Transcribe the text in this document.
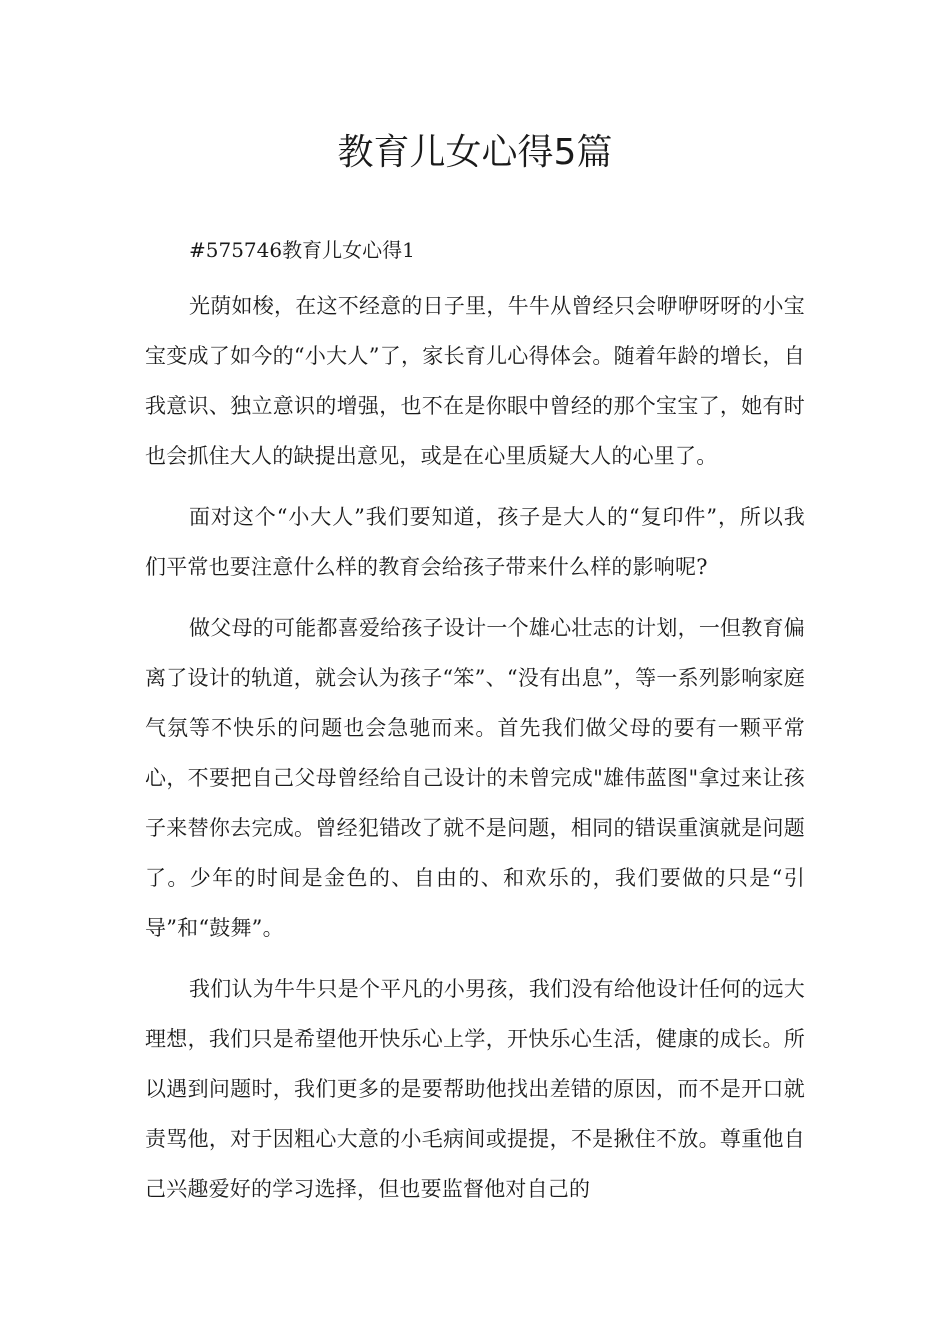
教育儿女心得5篇

#575746教育儿女心得1

光荫如梭，在这不经意的日子里，牛牛从曾经只会咿咿呀呀的小宝宝变成了如今的“小大人”了，家长育儿心得体会。随着年龄的增长，自我意识、独立意识的增强，也不在是你眼中曾经的那个宝宝了，她有时也会抓住大人的缺提出意见，或是在心里质疑大人的心里了。

面对这个“小大人”我们要知道，孩子是大人的“复印件”，所以我们平常也要注意什么样的教育会给孩子带来什么样的影响呢?

做父母的可能都喜爱给孩子设计一个雄心壮志的计划，一但教育偏离了设计的轨道，就会认为孩子“笨”、“没有出息”，等一系列影响家庭气氛等不快乐的问题也会急驰而来。首先我们做父母的要有一颗平常心，不要把自己父母曾经给自己设计的未曾完成"雄伟蓝图"拿过来让孩子来替你去完成。曾经犯错改了就不是问题，相同的错误重演就是问题了。少年的时间是金色的、自由的、和欢乐的，我们要做的只是“引导”和“鼓舞”。

我们认为牛牛只是个平凡的小男孩，我们没有给他设计任何的远大理想，我们只是希望他开快乐心上学，开快乐心生活，健康的成长。所以遇到问题时，我们更多的是要帮助他找出差错的原因，而不是开口就责骂他，对于因粗心大意的小毛病间或提提，不是揪住不放。尊重他自己兴趣爱好的学习选择，但也要监督他对自己的
